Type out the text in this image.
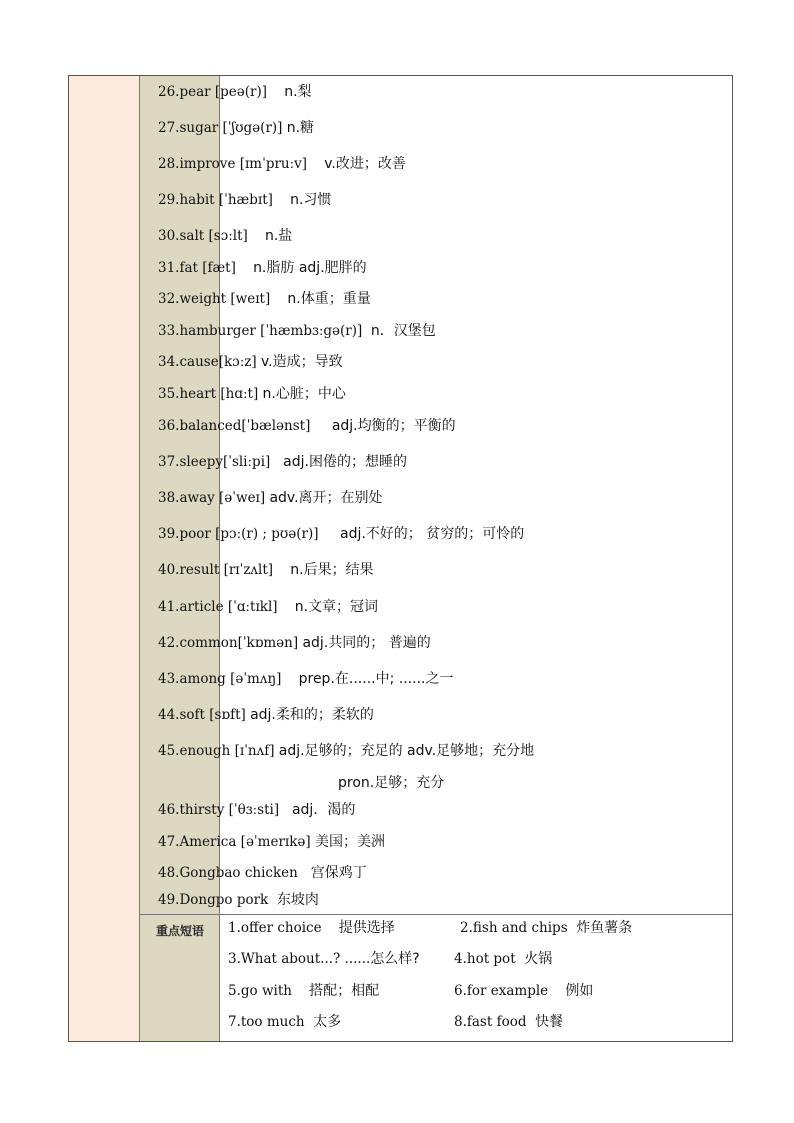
重点短语
26.pear [peə(r)] n.梨
27.sugar [ˈʃʊgə(r)] n.糖
28.improve [ɪmˈpruːv] v.改进；改善
29.habit [ˈhæbɪt] n.习惯
30.salt [sɔːlt] n.盐
31.fat [fæt] n.脂肪 adj.肥胖的
32.weight [weɪt] n.体重；重量
33.hamburger [ˈhæmbɜːgə(r)] n．汉堡包
34.cause[kɔːz] v.造成；导致
35.heart [hɑːt] n.心脏；中心
36.balanced[ˈbælənst] adj.均衡的；平衡的
37.sleepy[ˈsliːpi] adj.困倦的；想睡的
38.away [əˈweɪ] adv.离开；在别处
39.poor [pɔː(r) ; pʊə(r)] adj.不好的； 贫穷的；可怜的
40.result [rɪˈzʌlt] n.后果；结果
41.article [ˈɑːtɪkl] n.文章；冠词
42.common[ˈkɒmən] adj.共同的； 普遍的
43.among [əˈmʌŋ] prep.在......中; ......之一
44.soft [sɒft] adj.柔和的；柔软的
45.enough [ɪˈnʌf] adj.足够的；充足的 adv.足够地；充分地
pron.足够；充分
46.thirsty [ˈθɜːsti] adj．渴的
47.America [əˈmerɪkə] 美国；美洲
48.Gongbao chicken 宫保鸡丁
49.Dongpo pork 东坡肉
1.offer choice 提供选择	2.fish and chips 炸鱼薯条
3.What about...? ......怎么样?	4.hot pot 火锅
5.go with 搭配；相配	6.for example 例如
7.too much 太多	8.fast food 快餐
